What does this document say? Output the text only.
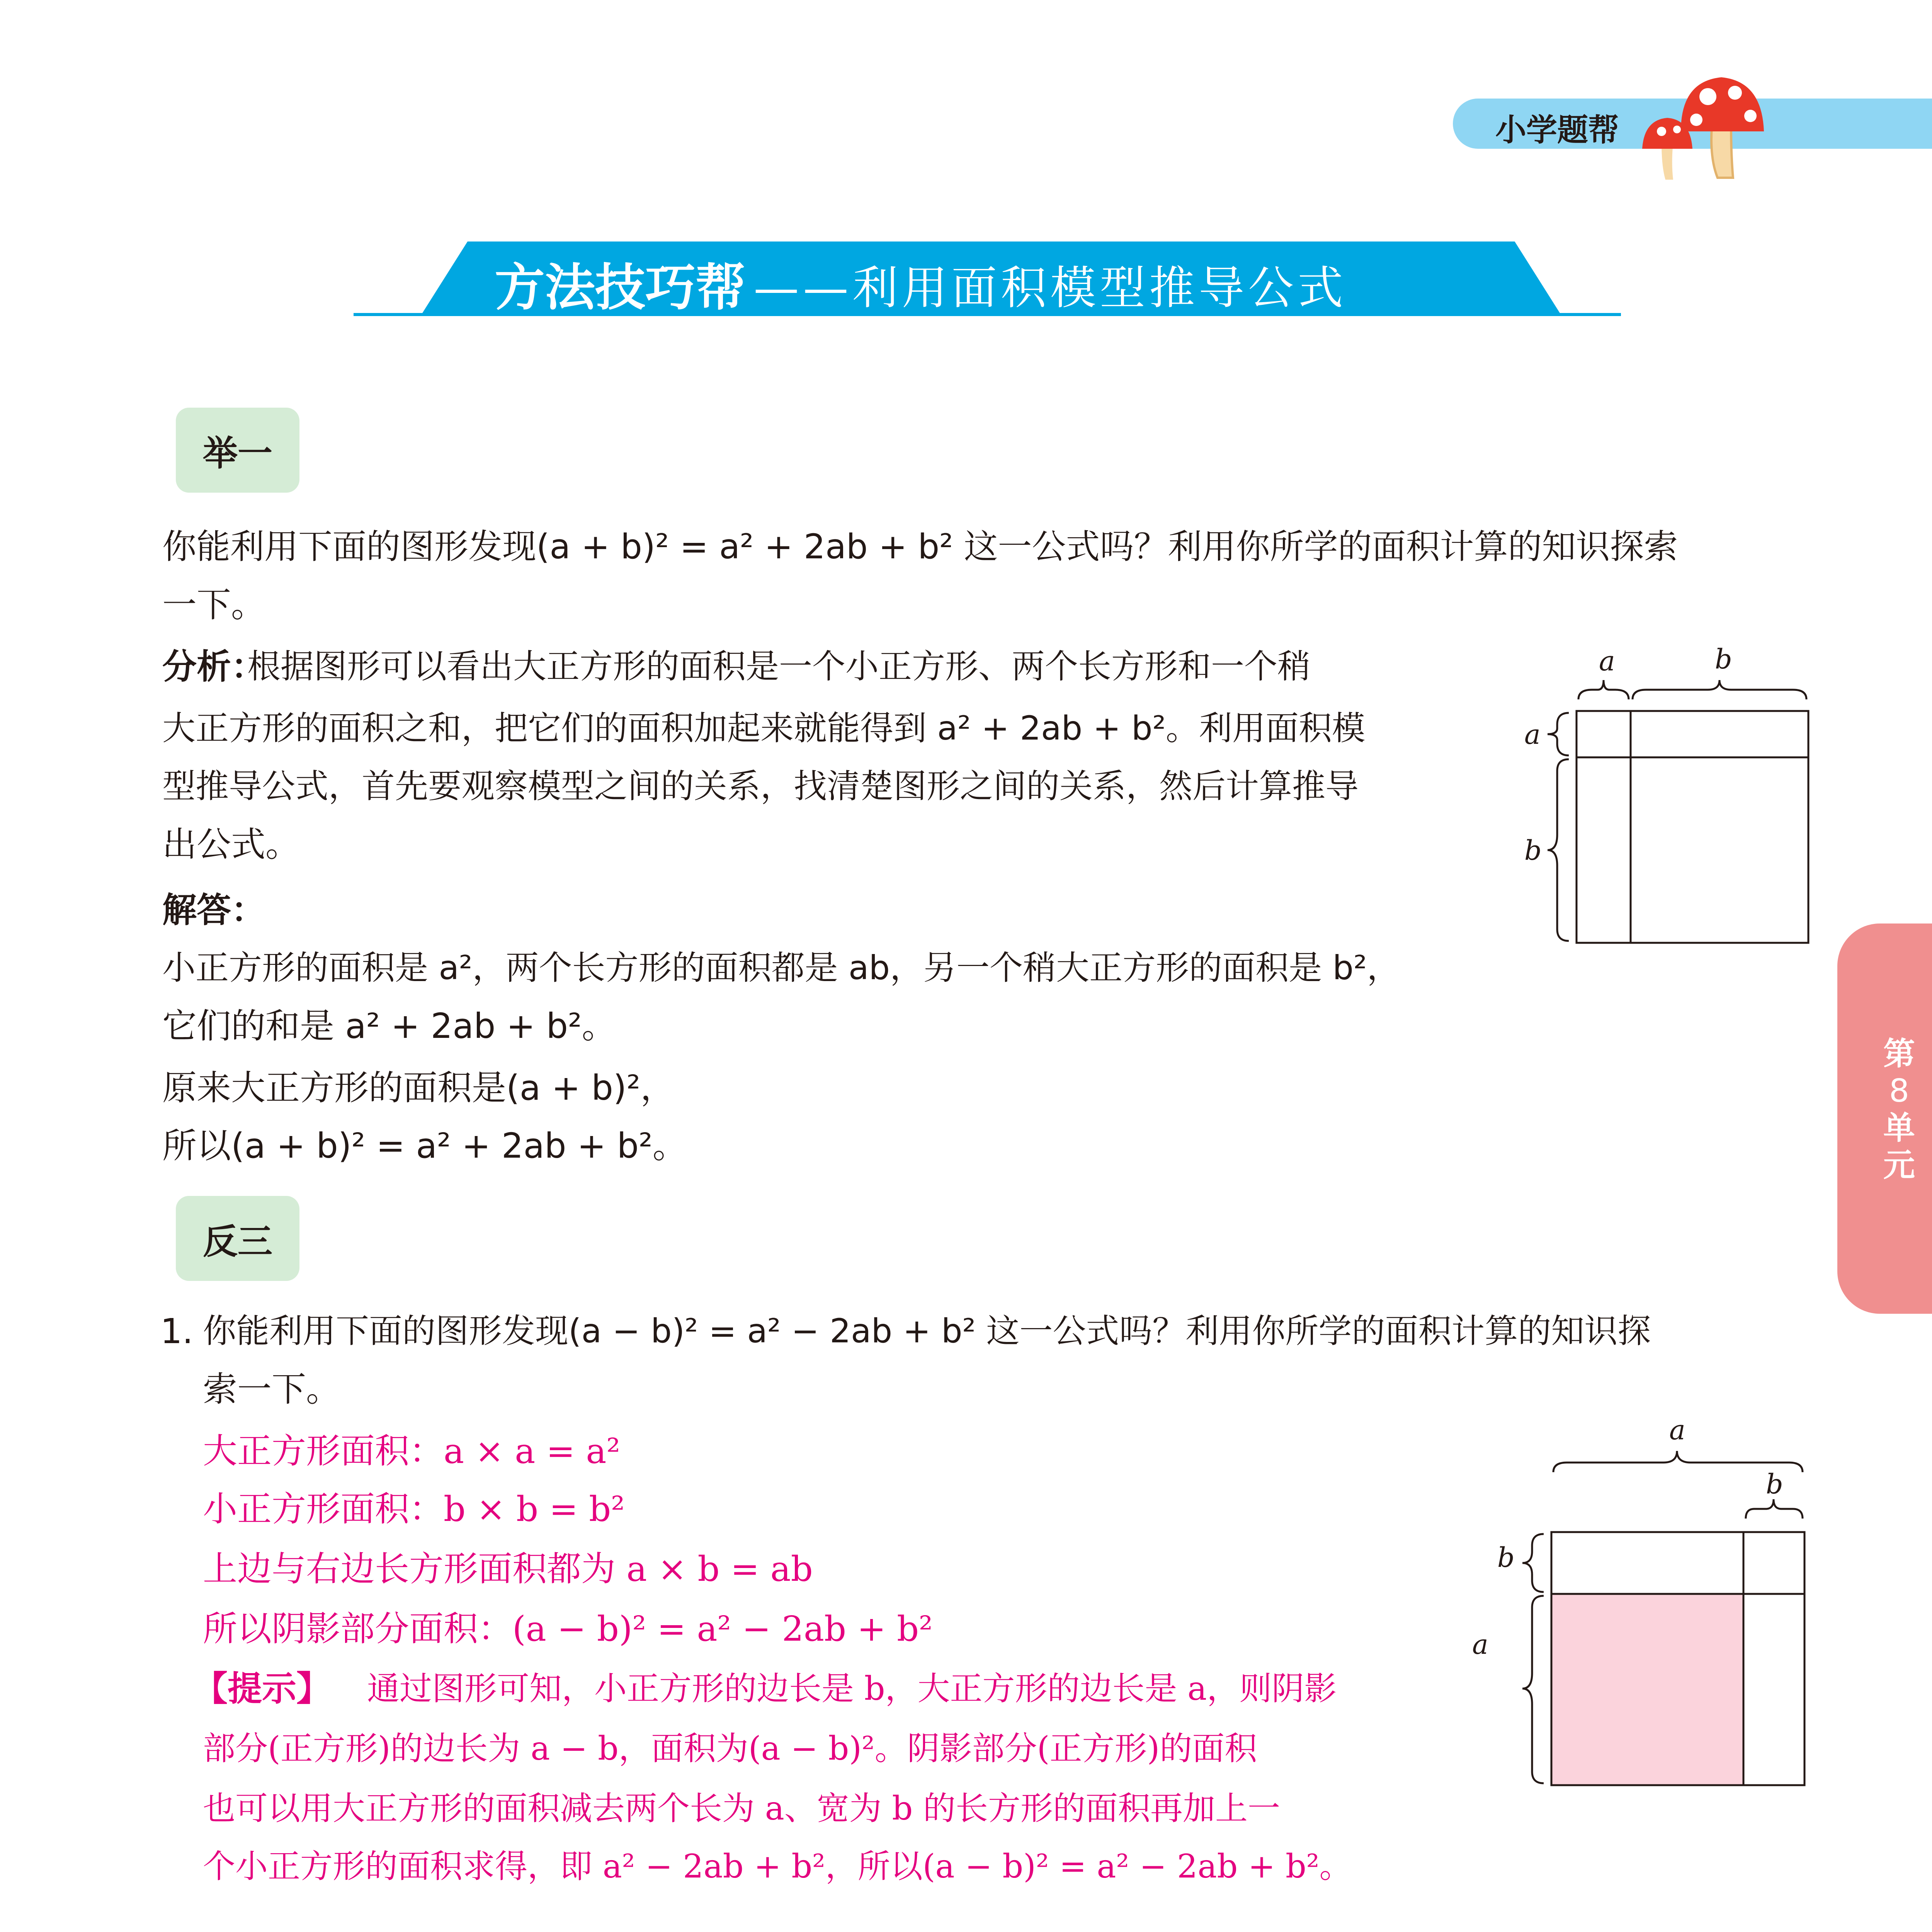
小学题帮
方法技巧帮 ——利用面积模型推导公式
第
8
单
元
举一
你能利用下面的图形发现(a + b)² = a² + 2ab + b² 这一公式吗？利用你所学的面积计算的知识探索
一下。
分析：
根据图形可以看出大正方形的面积是一个小正方形、两个长方形和一个稍
大正方形的面积之和，把它们的面积加起来就能得到 a² + 2ab + b²。利用面积模
型推导公式，首先要观察模型之间的关系，找清楚图形之间的关系，然后计算推导
出公式。
解答：
小正方形的面积是 a²，两个长方形的面积都是 ab，另一个稍大正方形的面积是 b²，
它们的和是 a² + 2ab + b²。
原来大正方形的面积是(a + b)²，
所以(a + b)² = a² + 2ab + b²。
a	b
a
b
反三
1. 你能利用下面的图形发现(a − b)² = a² − 2ab + b² 这一公式吗？利用你所学的面积计算的知识探
索一下。
大正方形面积：a × a = a²
小正方形面积：b × b = b²
上边与右边长方形面积都为 a × b = ab
所以阴影部分面积：(a − b)² = a² − 2ab + b²
【提示】 通过图形可知，小正方形的边长是 b，大正方形的边长是 a，则阴影
部分(正方形)的边长为 a − b，面积为(a − b)²。阴影部分(正方形)的面积
也可以用大正方形的面积减去两个长为 a、宽为 b 的长方形的面积再加上一
个小正方形的面积求得，即 a² − 2ab + b²，所以(a − b)² = a² − 2ab + b²。
a
b
b
a
